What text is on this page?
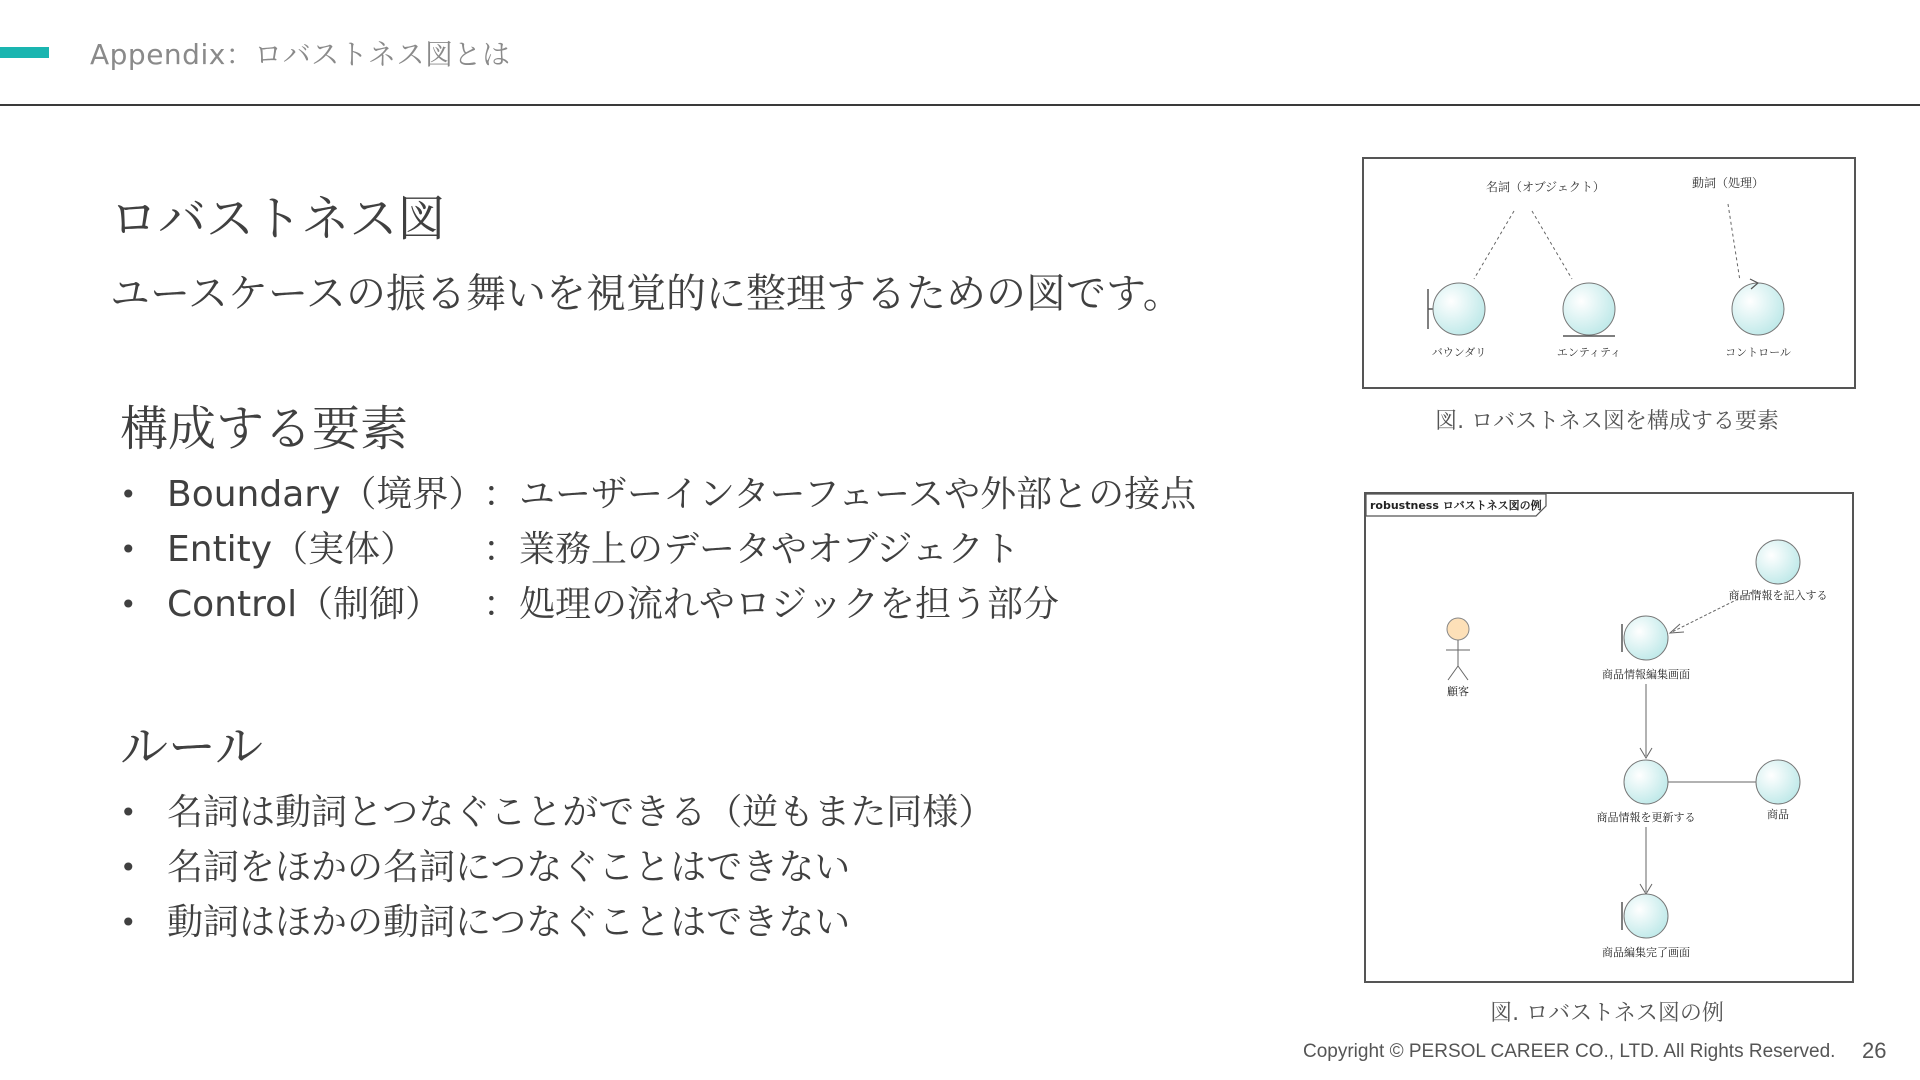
Appendix：ロバストネス図とは
ロバストネス図
ユースケースの振る舞いを視覚的に整理するための図です。
構成する要素
• Boundary（境界）：ユーザーインターフェースや外部との接点
• Entity（実体） ：業務上のデータやオブジェクト
• Control（制御） ：処理の流れやロジックを担う部分
ルール
• 名詞は動詞とつなぐことができる（逆もまた同様）
• 名詞をほかの名詞につなぐことはできない
• 動詞はほかの動詞につなぐことはできない
名詞（オブジェクト）	動詞（処理）
バウンダリ	エンティティ	コントロール
図. ロバストネス図を構成する要素
robustness ロバストネス図の例
顧客
商品情報を記入する
商品情報編集画面
商品情報を更新する	商品
商品編集完了画面
図. ロバストネス図の例
Copyright © PERSOL CAREER CO., LTD. All Rights Reserved. 26
